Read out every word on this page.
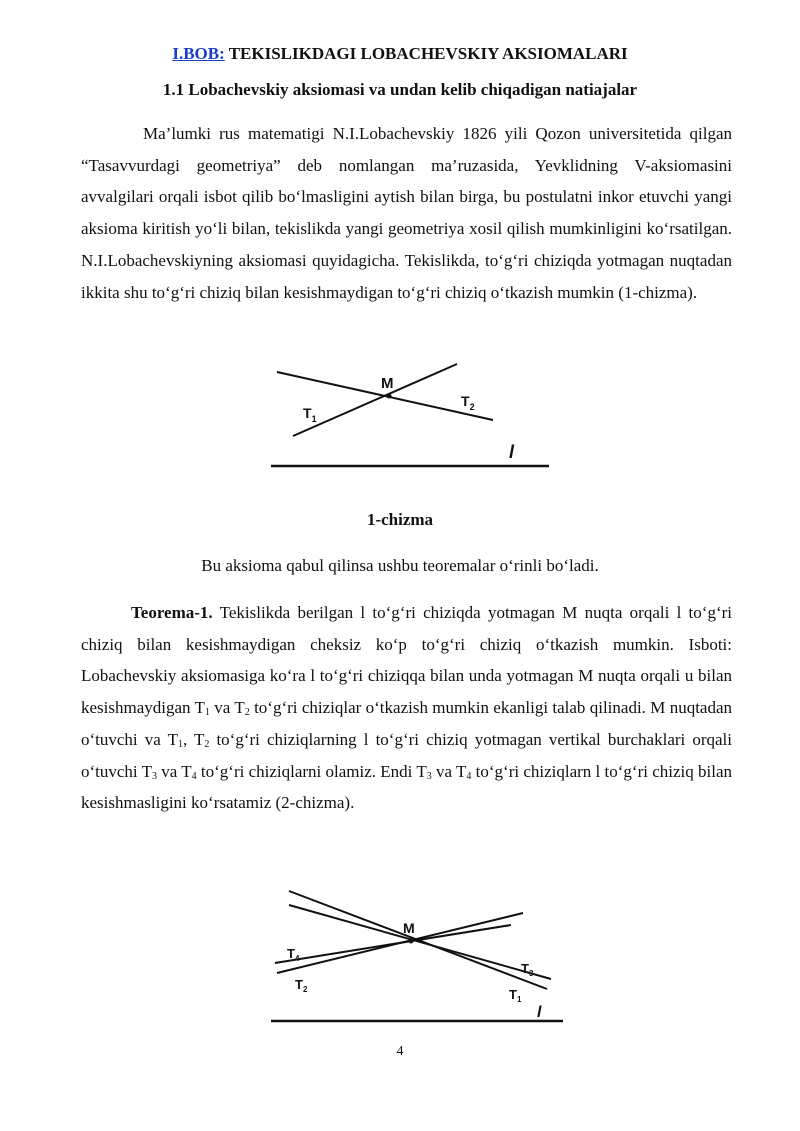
I.BOB: TEKISLIKDAGI LOBACHEVSKIY AKSIOMALARI
1.1 Lobachevskiy aksiomasi va undan kelib chiqadigan natiajalar
Ma’lumki rus matematigi N.I.Lobachevskiy 1826 yili Qozon universitetida qilgan “Tasavvurdagi geometriya” deb nomlangan ma’ruzasida, Yevklidning V-aksiomasini avvalgilari orqali isbot qilib bo‘lmasligini aytish bilan birga, bu postulatni inkor etuvchi yangi aksioma kiritish yo‘li bilan, tekislikda yangi geometriya xosil qilish mumkinligini ko‘rsatilgan. N.I.Lobachevskiyning aksiomasi quyidagicha. Tekislikda, to‘g‘ri chiziqda yotmagan nuqtadan ikkita shu to‘g‘ri chiziq bilan kesishmaydigan to‘g‘ri chiziq o‘tkazish mumkin (1-chizma).
M
$T_1$
$T_2$
l
1-chizma
Bu aksioma qabul qilinsa ushbu teoremalar o‘rinli bo‘ladi.
Teorema-1. Tekislikda berilgan l to‘g‘ri chiziqda yotmagan M nuqta orqali l to‘g‘ri chiziq bilan kesishmaydigan cheksiz ko‘p to‘g‘ri chiziq o‘tkazish mumkin. Isboti: Lobachevskiy aksiomasiga ko‘ra l to‘g‘ri chiziqqa bilan unda yotmagan M nuqta orqali u bilan kesishmaydigan $T_1$ va $T_2$ to‘g‘ri chiziqlar o‘tkazish mumkin ekanligi talab qilinadi. M nuqtadan o‘tuvchi va $T_1$, $T_2$ to‘g‘ri chiziqlarning l to‘g‘ri chiziq yotmagan vertikal burchaklari orqali o‘tuvchi $T_3$ va $T_4$ to‘g‘ri chiziqlarni olamiz. Endi $T_3$ va $T_4$ to‘g‘ri chiziqlarn l to‘g‘ri chiziq bilan kesishmasligini ko‘rsatamiz (2-chizma).
M
$T_4$
$T_2$
$T_3$
$T_1$
l
4
